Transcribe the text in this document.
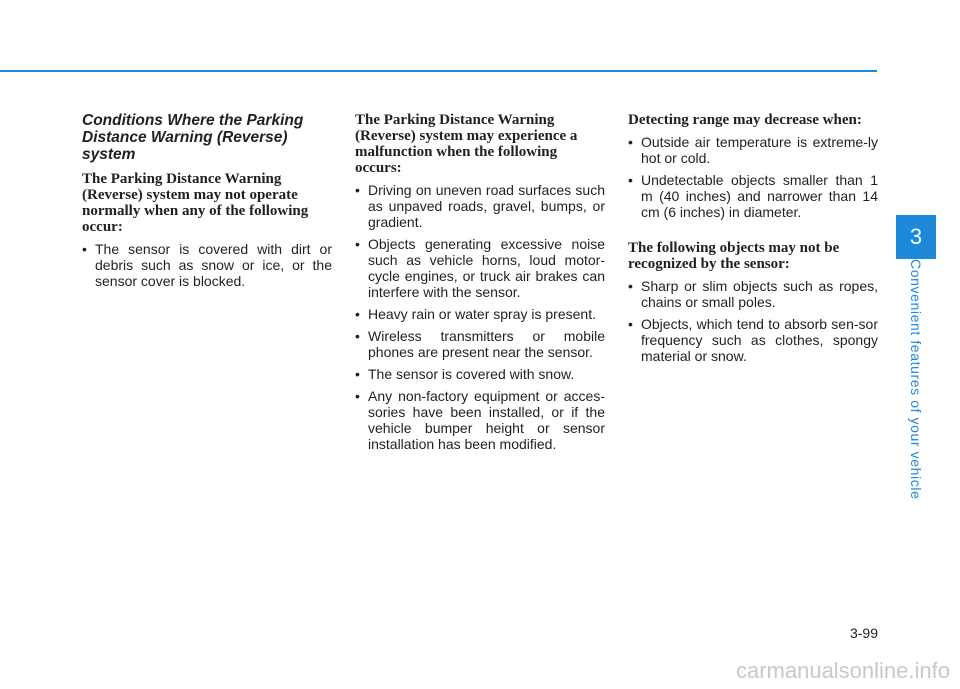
Conditions Where the Parking Distance Warning (Reverse) system
The Parking Distance Warning (Reverse) system may not operate normally when any of the following occur:
• The sensor is covered with dirt or debris such as snow or ice, or the sensor cover is blocked.
The Parking Distance Warning (Reverse) system may experience a malfunction when the following occurs:
• Driving on uneven road surfaces such as unpaved roads, gravel, bumps, or gradient.
• Objects generating excessive noise such as vehicle horns, loud motor-cycle engines, or truck air brakes can interfere with the sensor.
• Heavy rain or water spray is present.
• Wireless transmitters or mobile phones are present near the sensor.
• The sensor is covered with snow.
• Any non-factory equipment or acces-sories have been installed, or if the vehicle bumper height or sensor installation has been modified.
Detecting range may decrease when:
• Outside air temperature is extreme-ly hot or cold.
• Undetectable objects smaller than 1 m (40 inches) and narrower than 14 cm (6 inches) in diameter.
The following objects may not be recognized by the sensor:
• Sharp or slim objects such as ropes, chains or small poles.
• Objects, which tend to absorb sen-sor frequency such as clothes, spongy material or snow.
3
Convenient features of your vehicle
3-99
carmanualsonline.info
